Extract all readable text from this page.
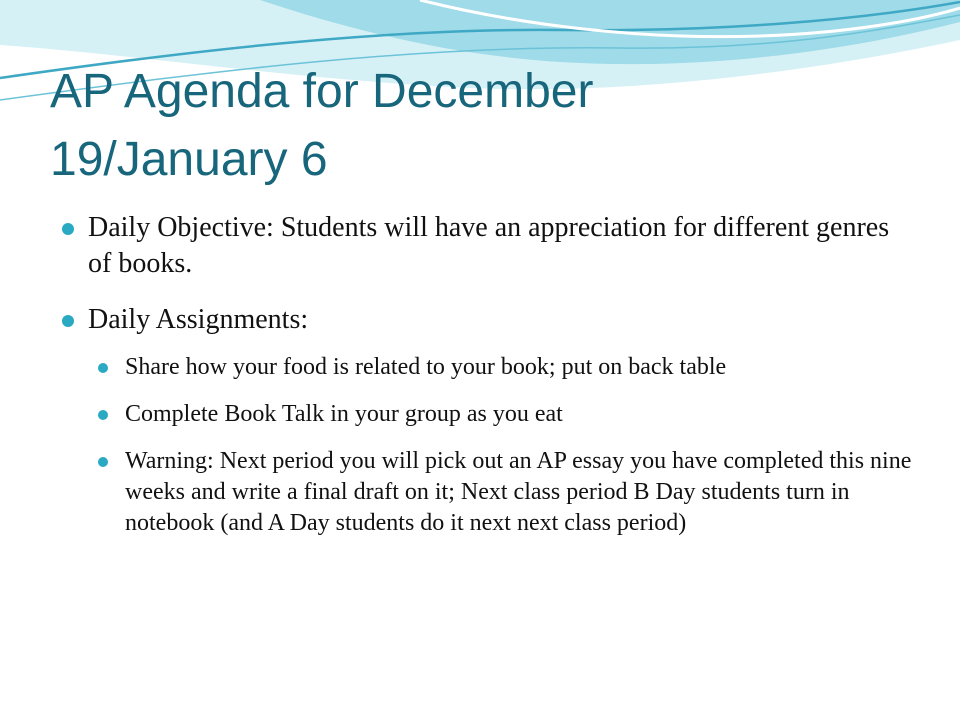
AP Agenda for December
19/January 6
Daily Objective: Students will have an appreciation for different genres of books.
Daily Assignments:
Share how your food is related to your book; put on back table
Complete Book Talk in your group as you eat
Warning: Next period you will pick out an AP essay you have completed this nine weeks and write a final draft on it; Next class period B Day students turn in notebook (and A Day students do it next next class period)
